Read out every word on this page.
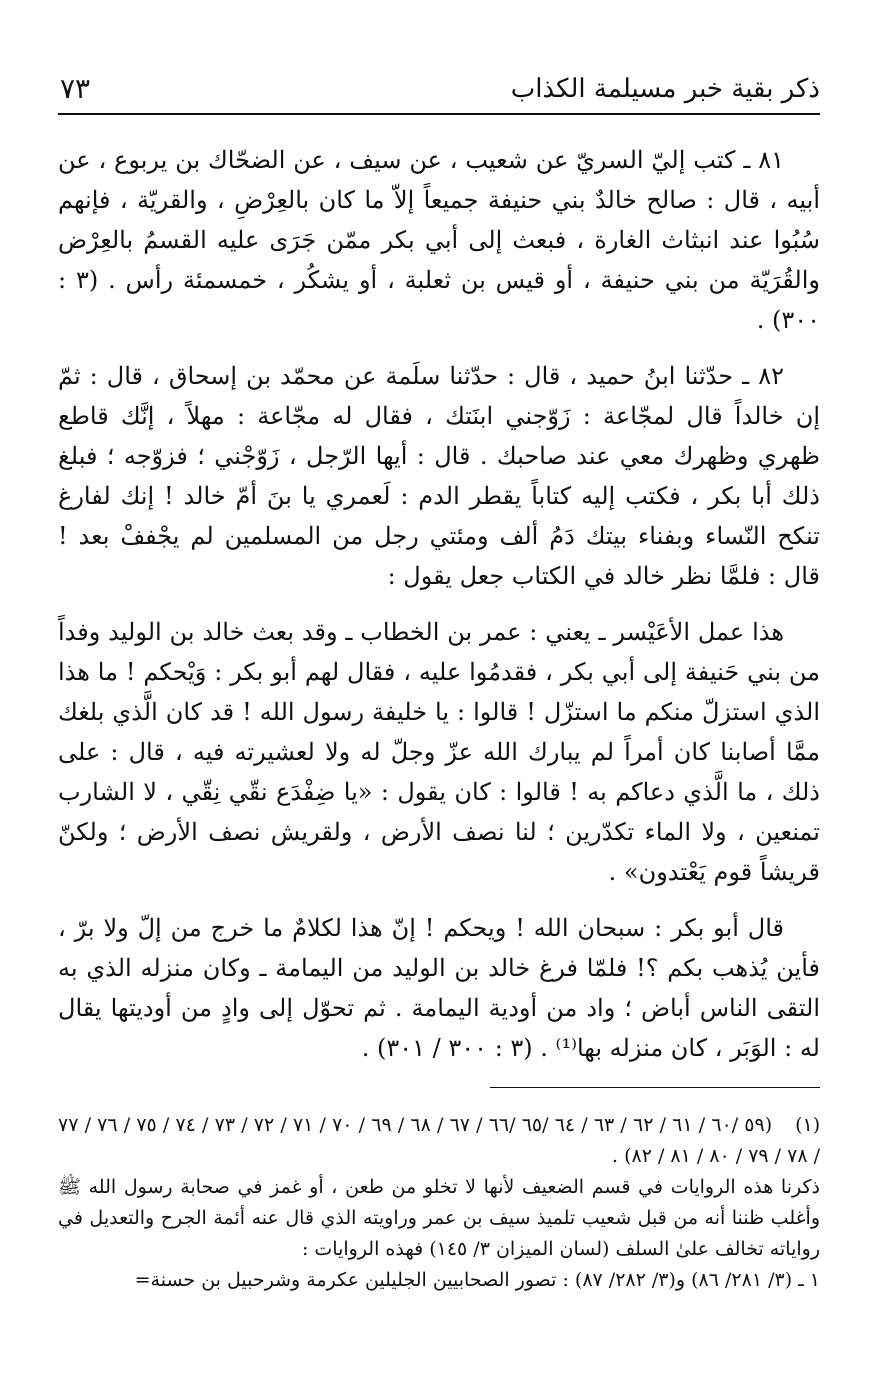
ذكر بقية خبر مسيلمة الكذاب
٧٣

٨١ ـ كتب إليّ السريّ عن شعيب ، عن سيف ، عن الضحّاك بن يربوع ، عن أبيه ، قال : صالح خالدٌ بني حنيفة جميعاً إلاّ ما كان بالعِرْضِ ، والقريّة ، فإنهم سُبُوا عند انبثاث الغارة ، فبعث إلى أبي بكر ممّن جَرَى عليه القسمُ بالعِرْض والقُرَيّة من بني حنيفة ، أو قيس بن ثعلبة ، أو يشكُر ، خمسمئة رأس . (٣ : ٣٠٠) .

٨٢ ـ حدّثنا ابنُ حميد ، قال : حدّثنا سلَمة عن محمّد بن إسحاق ، قال : ثمّ إن خالداً قال لمجّاعة : زَوّجني ابنَتك ، فقال له مجّاعة : مهلاً ، إنَّك قاطع ظهري وظهرك معي عند صاحبك . قال : أيها الرّجل ، زَوّجْني ؛ فزوّجه ؛ فبلغ ذلك أبا بكر ، فكتب إليه كتاباً يقطر الدم : لَعمري يا بنَ أمّ خالد ! إنك لفارغ تنكح النّساء وبفناء بيتك دَمُ ألف ومئتي رجل من المسلمين لم يجْففْ بعد ! قال : فلمَّا نظر خالد في الكتاب جعل يقول :

هذا عمل الأعَيْسر ـ يعني : عمر بن الخطاب ـ وقد بعث خالد بن الوليد وفداً من بني حَنيفة إلى أبي بكر ، فقدمُوا عليه ، فقال لهم أبو بكر : وَيْحكم ! ما هذا الذي استزلّ منكم ما استزّل ! قالوا : يا خليفة رسول الله ! قد كان الَّذي بلغك ممَّا أصابنا كان أمراً لم يبارك الله عزّ وجلّ له ولا لعشيرته فيه ، قال : على ذلك ، ما الَّذي دعاكم به ! قالوا : كان يقول : «يا ضِفْدَع نقّي نِقّي ، لا الشارب تمنعين ، ولا الماء تكدّرين ؛ لنا نصف الأرض ، ولقريش نصف الأرض ؛ ولكنّ قريشاً قوم يَعْتدون» .

قال أبو بكر : سبحان الله ! ويحكم ! إنّ هذا لكلامٌ ما خرج من إلّ ولا برّ ، فأين يُذهب بكم ؟! فلمّا فرغ خالد بن الوليد من اليمامة ـ وكان منزله الذي به التقى الناس أباض ؛ واد من أودية اليمامة . ثم تحوّل إلى وادٍ من أوديتها يقال له : الوَبَر ، كان منزله بها⁽¹⁾ . (٣ : ٣٠٠ / ٣٠١) .

(١)(٥٩ /٦٠ / ٦١ / ٦٢ / ٦٣ / ٦٤ /٦٥ /٦٦ / ٦٧ / ٦٨ / ٦٩ / ٧٠ / ٧١ / ٧٢ / ٧٣ / ٧٤ / ٧٥ / ٧٦ / ٧٧ / ٧٨ / ٧٩ / ٨٠ / ٨١ / ٨٢) .

ذكرنا هذه الروايات في قسم الضعيف لأنها لا تخلو من طعن ، أو غمز في صحابة رسول الله ﷺ وأغلب ظننا أنه من قبل شعيب تلميذ سيف بن عمر وراويته الذي قال عنه أئمة الجرح والتعديل في رواياته تخالف علىٰ السلف (لسان الميزان ٣/ ١٤٥) فهذه الروايات :

١ ـ (٣/ ٢٨١/ ٨٦) و(٣/ ٢٨٢/ ٨٧) : تصور الصحابيين الجليلين عكرمة وشرحبيل بن حسنة=
